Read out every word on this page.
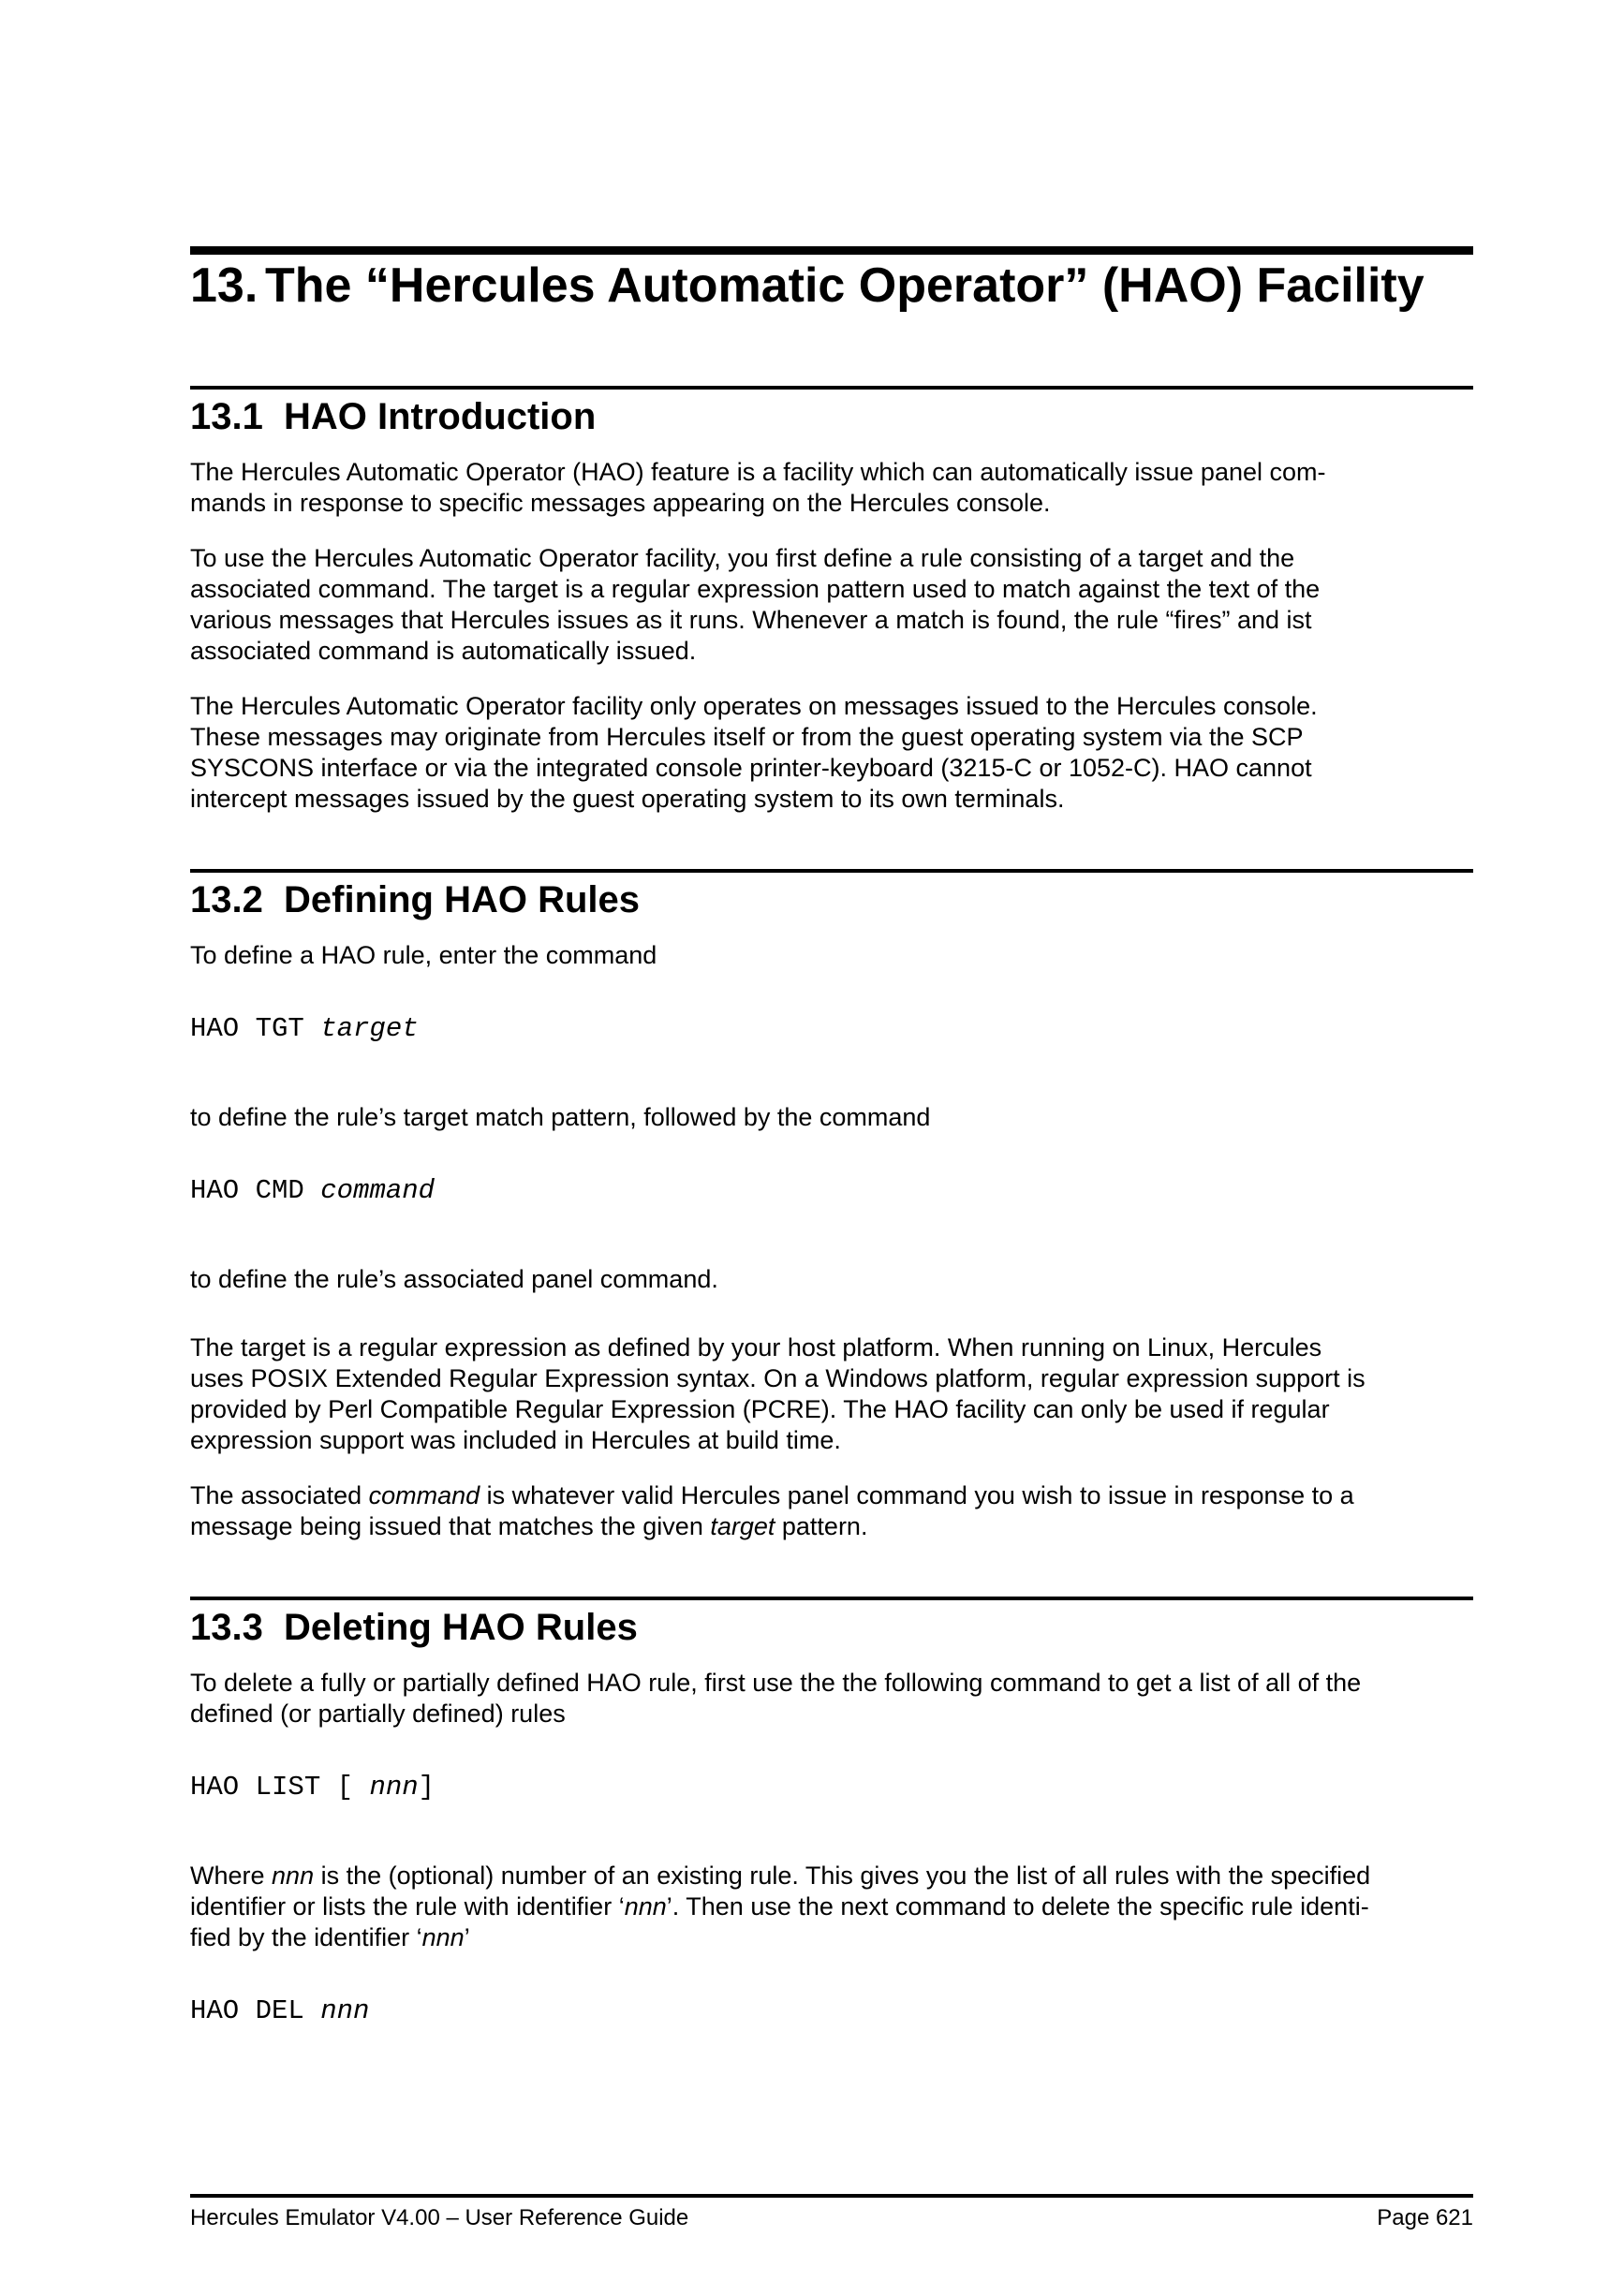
13. The “Hercules Automatic Operator” (HAO) Facility
13.1 HAO Introduction
The Hercules Automatic Operator (HAO) feature is a facility which can automatically issue panel com-
mands in response to specific messages appearing on the Hercules console.
To use the Hercules Automatic Operator facility, you first define a rule consisting of a target and the
associated command. The target is a regular expression pattern used to match against the text of the
various messages that Hercules issues as it runs. Whenever a match is found, the rule “fires” and ist
associated command is automatically issued.
The Hercules Automatic Operator facility only operates on messages issued to the Hercules console.
These messages may originate from Hercules itself or from the guest operating system via the SCP
SYSCONS interface or via the integrated console printer-keyboard (3215-C or 1052-C). HAO cannot
intercept messages issued by the guest operating system to its own terminals.
13.2 Defining HAO Rules
To define a HAO rule, enter the command
HAO TGT target
to define the rule’s target match pattern, followed by the command
HAO CMD command
to define the rule’s associated panel command.
The target is a regular expression as defined by your host platform. When running on Linux, Hercules
uses POSIX Extended Regular Expression syntax. On a Windows platform, regular expression support is
provided by Perl Compatible Regular Expression (PCRE). The HAO facility can only be used if regular
expression support was included in Hercules at build time.
The associated command is whatever valid Hercules panel command you wish to issue in response to a
message being issued that matches the given target pattern.
13.3 Deleting HAO Rules
To delete a fully or partially defined HAO rule, first use the the following command to get a list of all of the
defined (or partially defined) rules
HAO LIST [ nnn]
Where nnn is the (optional) number of an existing rule. This gives you the list of all rules with the specified
identifier or lists the rule with identifier ‘nnn’. Then use the next command to delete the specific rule identi-
fied by the identifier ‘nnn’
HAO DEL nnn
Hercules Emulator V4.00 – User Reference Guide	Page 621
